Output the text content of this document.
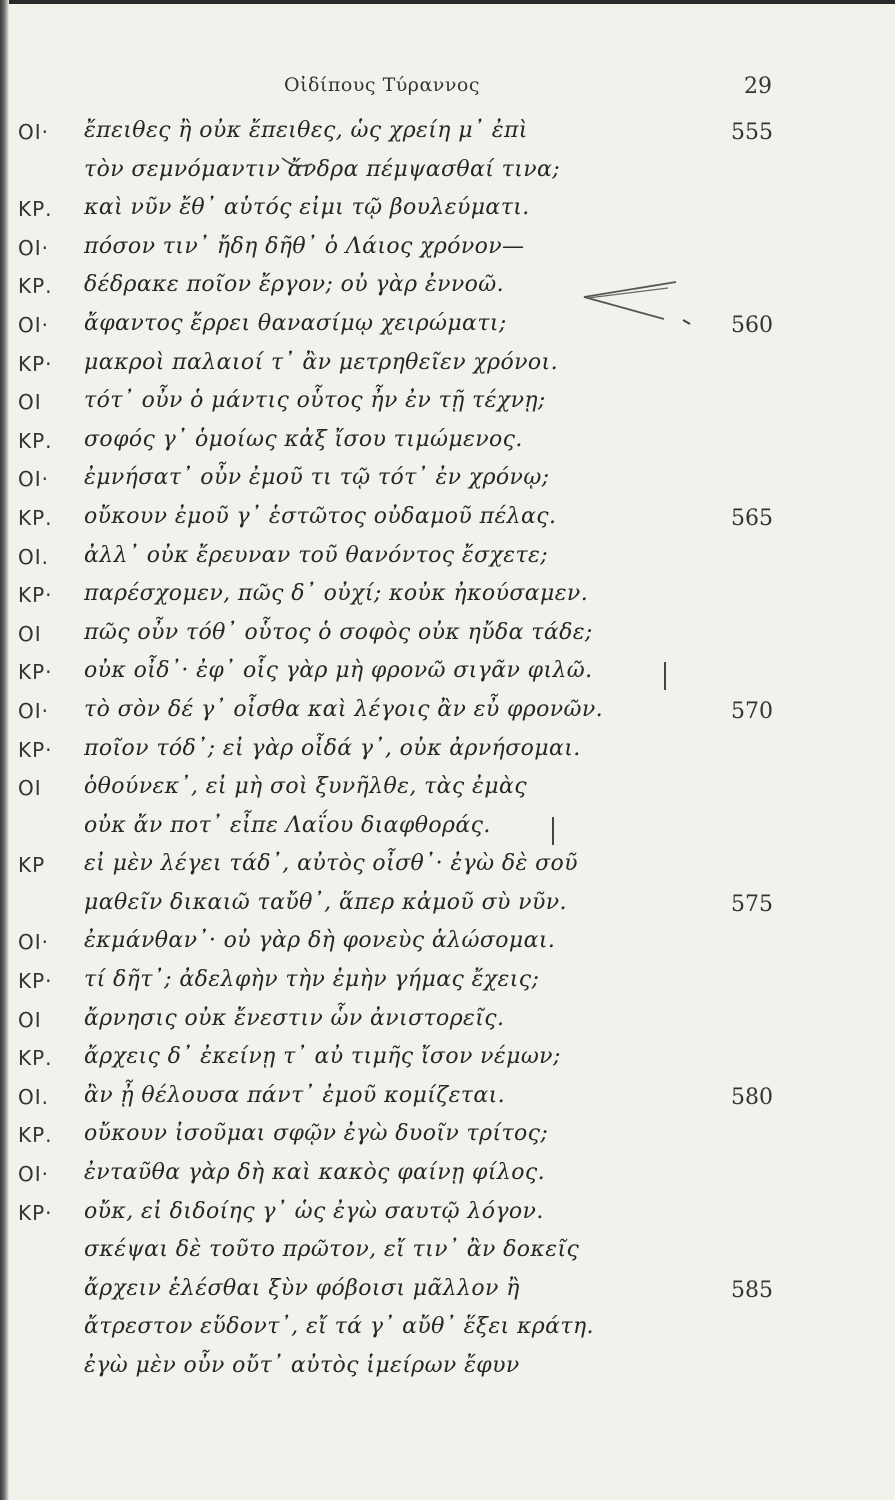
Οἰδίπους Τύραννος	29
ΟΙ· ἔπειθες ἢ οὐκ ἔπειθες, ὡς χρείη μ᾽ ἐπὶ	555
τὸν σεμνόμαντιν ἄνδρα πέμψασθαί τινα;
ΚΡ. καὶ νῦν ἔθ᾽ αὑτός εἰμι τῷ βουλεύματι.
ΟΙ· πόσον τιν᾽ ἤδη δῆθ᾽ ὁ Λάιος χρόνον—
ΚΡ. δέδρακε ποῖον ἔργον; οὐ γὰρ ἐννοῶ.
ΟΙ· ἄφαντος ἔρρει θανασίμῳ χειρώματι;	560
ΚΡ· μακροὶ παλαιοί τ᾽ ἂν μετρηθεῖεν χρόνοι.
ΟΙ τότ᾽ οὖν ὁ μάντις οὗτος ἦν ἐν τῇ τέχνῃ;
ΚΡ. σοφός γ᾽ ὁμοίως κἀξ ἴσου τιμώμενος.
ΟΙ· ἐμνήσατ᾽ οὖν ἐμοῦ τι τῷ τότ᾽ ἐν χρόνῳ;
ΚΡ. οὔκουν ἐμοῦ γ᾽ ἑστῶτος οὐδαμοῦ πέλας.	565
ΟΙ. ἀλλ᾽ οὐκ ἔρευναν τοῦ θανόντος ἔσχετε;
ΚΡ· παρέσχομεν, πῶς δ᾽ οὐχί; κοὐκ ἠκούσαμεν.
ΟΙ πῶς οὖν τόθ᾽ οὗτος ὁ σοφὸς οὐκ ηὔδα τάδε;
ΚΡ· οὐκ οἶδ᾽· ἐφ᾽ οἷς γὰρ μὴ φρονῶ σιγᾶν φιλῶ.
ΟΙ· τὸ σὸν δέ γ᾽ οἶσθα καὶ λέγοις ἂν εὖ φρονῶν.	570
ΚΡ· ποῖον τόδ᾽; εἰ γὰρ οἶδά γ᾽, οὐκ ἀρνήσομαι.
ΟΙ ὁθούνεκ᾽, εἰ μὴ σοὶ ξυνῆλθε, τὰς ἐμὰς
οὐκ ἄν ποτ᾽ εἶπε Λαΐου διαφθοράς.
ΚΡ εἰ μὲν λέγει τάδ᾽, αὐτὸς οἶσθ᾽· ἐγὼ δὲ σοῦ
μαθεῖν δικαιῶ ταὔθ᾽, ἅπερ κἀμοῦ σὺ νῦν.	575
ΟΙ· ἐκμάνθαν᾽· οὐ γὰρ δὴ φονεὺς ἁλώσομαι.
ΚΡ· τί δῆτ᾽; ἀδελφὴν τὴν ἐμὴν γήμας ἔχεις;
ΟΙ ἄρνησις οὐκ ἔνεστιν ὧν ἀνιστορεῖς.
ΚΡ. ἄρχεις δ᾽ ἐκείνῃ τ᾽ αὐ τιμῆς ἴσον νέμων;
ΟΙ. ἂν ᾖ θέλουσα πάντ᾽ ἐμοῦ κομίζεται.	580
ΚΡ. οὔκουν ἰσοῦμαι σφῷν ἐγὼ δυοῖν τρίτος;
ΟΙ· ἐνταῦθα γὰρ δὴ καὶ κακὸς φαίνῃ φίλος.
ΚΡ· οὔκ, εἰ διδοίης γ᾽ ὡς ἐγὼ σαυτῷ λόγον.
σκέψαι δὲ τοῦτο πρῶτον, εἴ τιν᾽ ἂν δοκεῖς
ἄρχειν ἑλέσθαι ξὺν φόβοισι μᾶλλον ἢ	585
ἄτρεστον εὕδοντ᾽, εἴ τά γ᾽ αὔθ᾽ ἕξει κράτη.
ἐγὼ μὲν οὖν οὔτ᾽ αὐτὸς ἱμείρων ἔφυν
